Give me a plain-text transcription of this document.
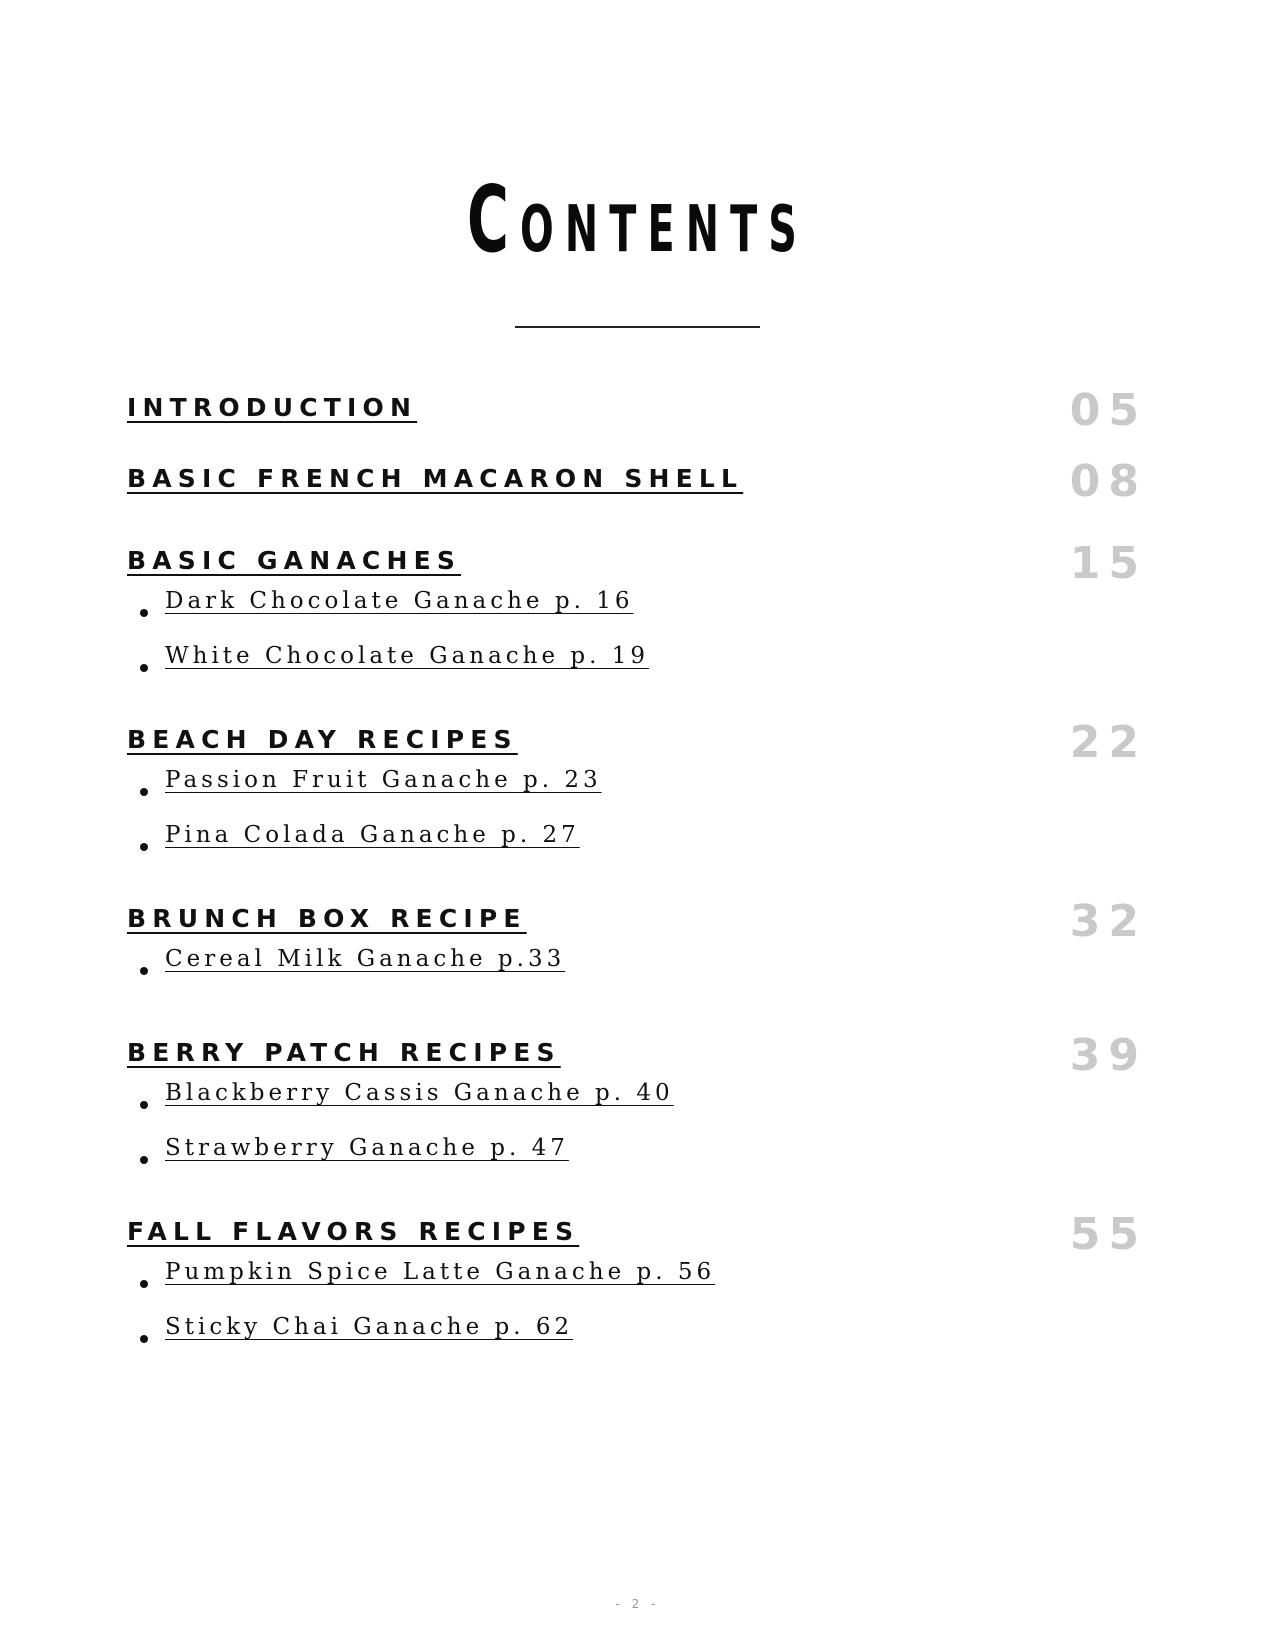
Contents
INTRODUCTION	05
BASIC FRENCH MACARON SHELL	08
BASIC GANACHES	15
Dark Chocolate Ganache p. 16
White Chocolate Ganache p. 19
BEACH DAY RECIPES	22
Passion Fruit Ganache p. 23
Pina Colada Ganache p. 27
BRUNCH BOX RECIPE	32
Cereal Milk Ganache p.33
BERRY PATCH RECIPES	39
Blackberry Cassis Ganache p. 40
Strawberry Ganache p. 47
FALL FLAVORS RECIPES	55
Pumpkin Spice Latte Ganache p. 56
Sticky Chai Ganache p. 62
- 2 -
